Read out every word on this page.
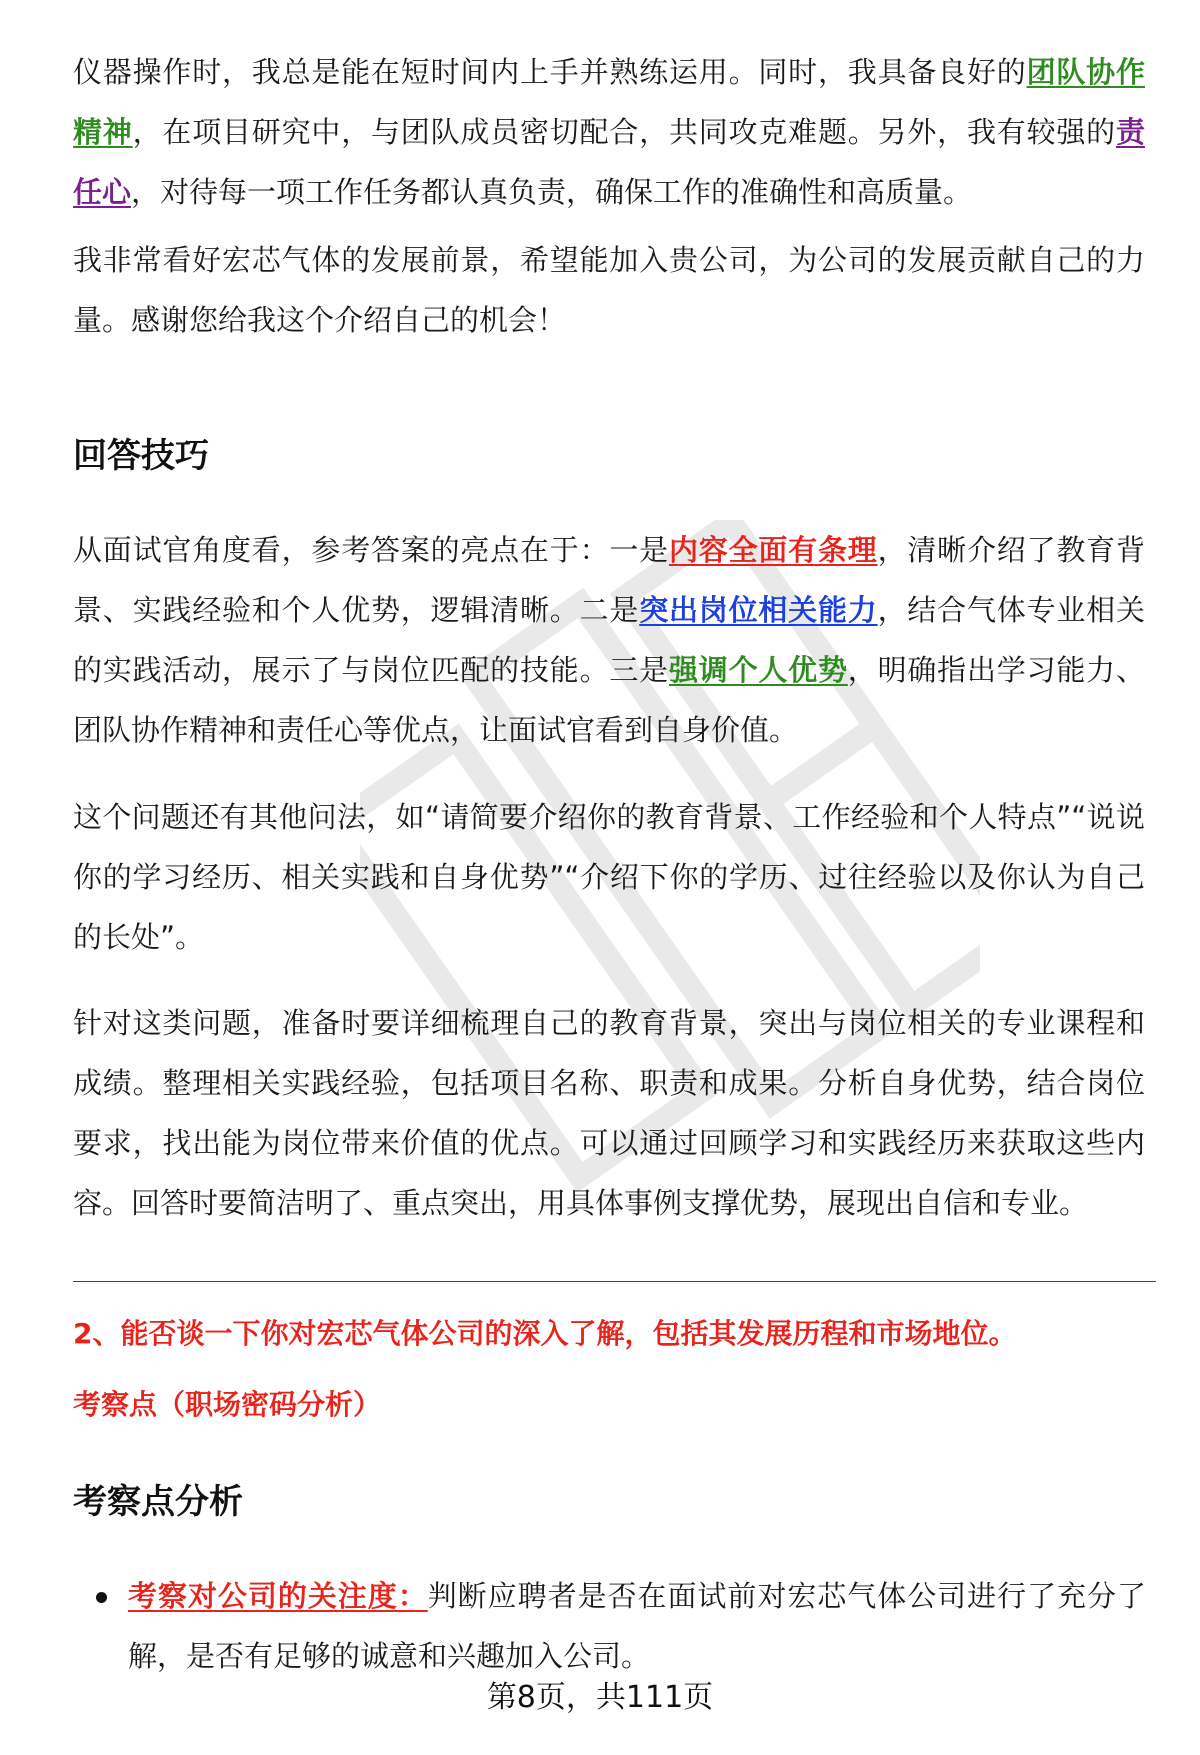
仪器操作时，我总是能在短时间内上手并熟练运用。同时，我具备良好的团队协作精神，在项目研究中，与团队成员密切配合，共同攻克难题。另外，我有较强的责任心，对待每一项工作任务都认真负责，确保工作的准确性和高质量。

我非常看好宏芯气体的发展前景，希望能加入贵公司，为公司的发展贡献自己的力量。感谢您给我这个介绍自己的机会！

回答技巧

从面试官角度看，参考答案的亮点在于：一是内容全面有条理，清晰介绍了教育背景、实践经验和个人优势，逻辑清晰。二是突出岗位相关能力，结合气体专业相关的实践活动，展示了与岗位匹配的技能。三是强调个人优势，明确指出学习能力、团队协作精神和责任心等优点，让面试官看到自身价值。

这个问题还有其他问法，如“请简要介绍你的教育背景、工作经验和个人特点”“说说你的学习经历、相关实践和自身优势”“介绍下你的学历、过往经验以及你认为自己的长处”。

针对这类问题，准备时要详细梳理自己的教育背景，突出与岗位相关的专业课程和成绩。整理相关实践经验，包括项目名称、职责和成果。分析自身优势，结合岗位要求，找出能为岗位带来价值的优点。可以通过回顾学习和实践经历来获取这些内容。回答时要简洁明了、重点突出，用具体事例支撑优势，展现出自信和专业。

2、能否谈一下你对宏芯气体公司的深入了解，包括其发展历程和市场地位。

考察点（职场密码分析）

考察点分析

考察对公司的关注度：判断应聘者是否在面试前对宏芯气体公司进行了充分了解，是否有足够的诚意和兴趣加入公司。

第8页，共111页
